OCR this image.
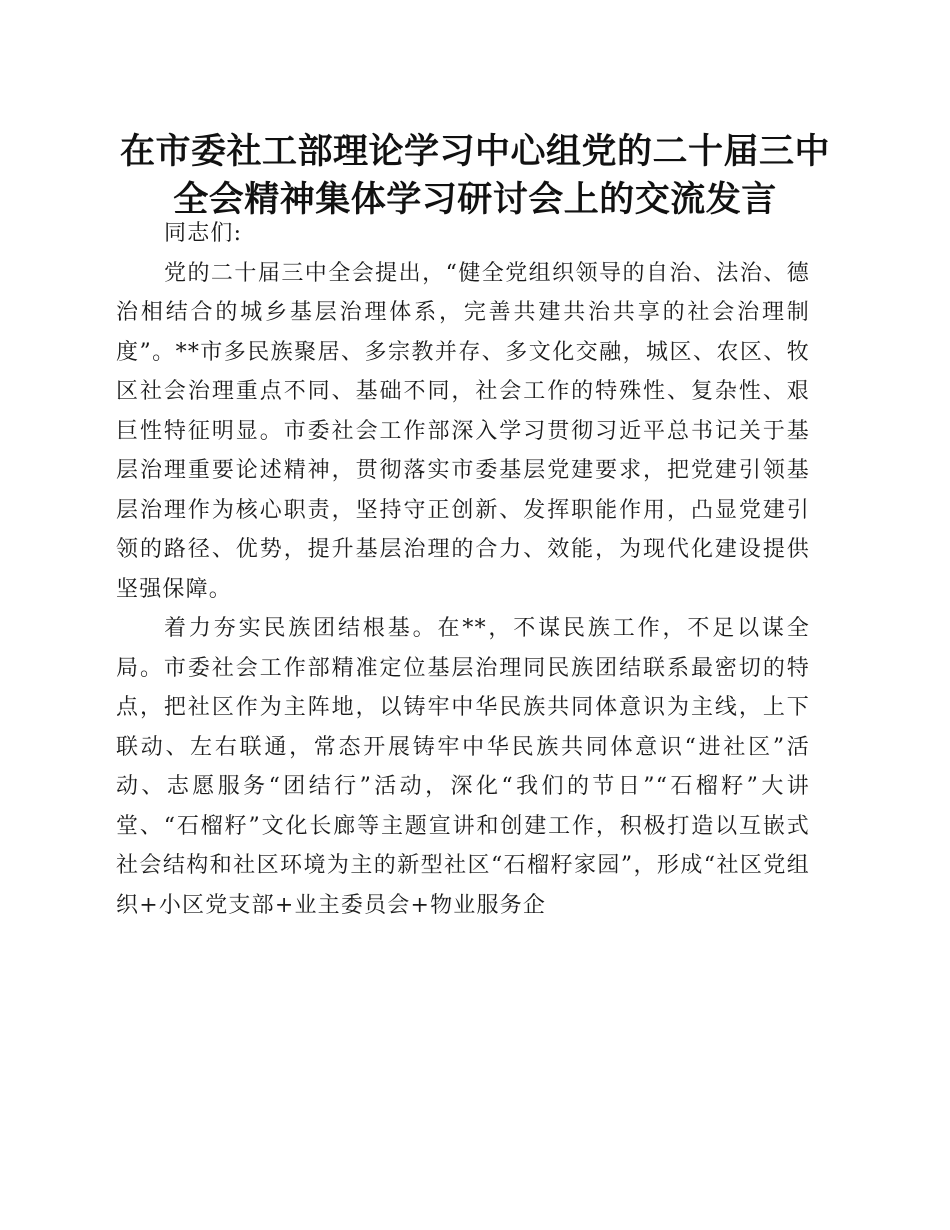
在市委社工部理论学习中心组党的二十届三中
全会精神集体学习研讨会上的交流发言

同志们:

党的二十届三中全会提出，“健全党组织领导的自治、法治、德治相结合的城乡基层治理体系，完善共建共治共享的社会治理制度”。**市多民族聚居、多宗教并存、多文化交融，城区、农区、牧区社会治理重点不同、基础不同，社会工作的特殊性、复杂性、艰巨性特征明显。市委社会工作部深入学习贯彻习近平总书记关于基层治理重要论述精神，贯彻落实市委基层党建要求，把党建引领基层治理作为核心职责，坚持守正创新、发挥职能作用，凸显党建引领的路径、优势，提升基层治理的合力、效能，为现代化建设提供坚强保障。

着力夯实民族团结根基。在**，不谋民族工作，不足以谋全局。市委社会工作部精准定位基层治理同民族团结联系最密切的特点，把社区作为主阵地，以铸牢中华民族共同体意识为主线，上下联动、左右联通，常态开展铸牢中华民族共同体意识“进社区”活动、志愿服务“团结行”活动，深化“我们的节日”“石榴籽”大讲堂、“石榴籽”文化长廊等主题宣讲和创建工作，积极打造以互嵌式社会结构和社区环境为主的新型社区“石榴籽家园”，形成“社区党组织+小区党支部+业主委员会+物业服务企
